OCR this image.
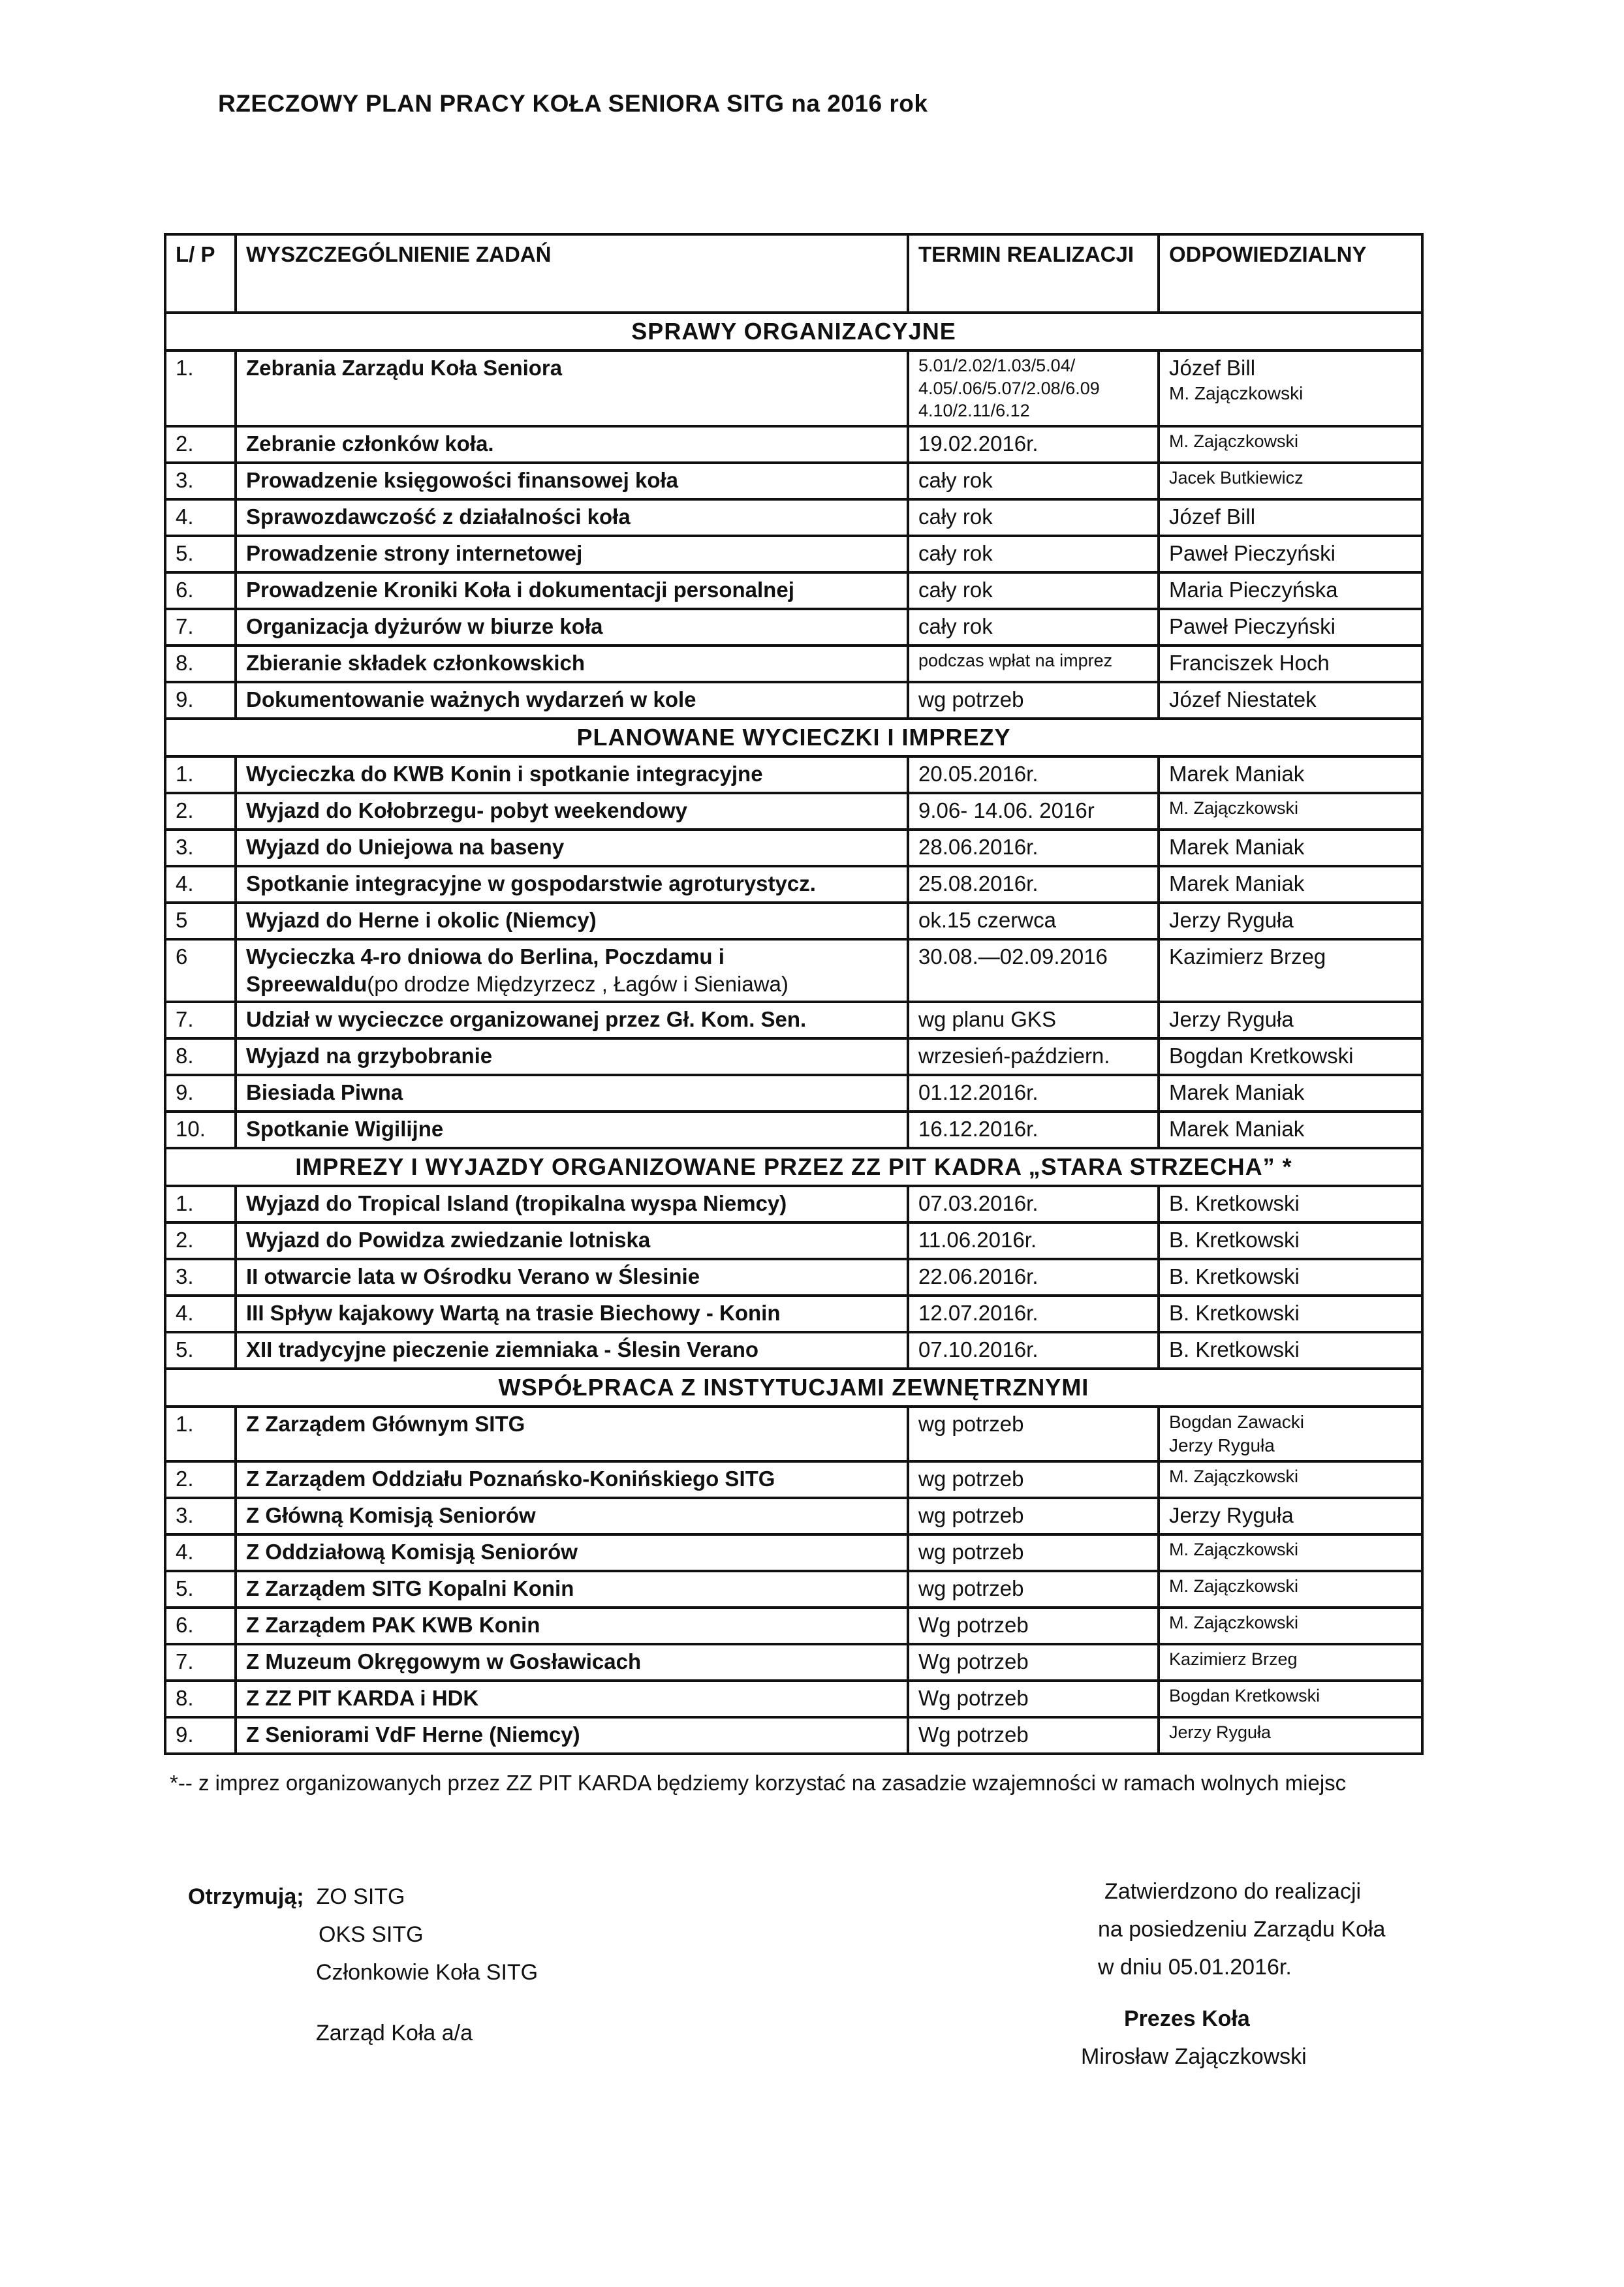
RZECZOWY PLAN PRACY KOŁA SENIORA SITG na 2016 rok
L/ P	WYSZCZEGÓLNIENIE ZADAŃ	TERMIN REALIZACJI	ODPOWIEDZIALNY
SPRAWY ORGANIZACYJNE			
1.	Zebrania Zarządu Koła Seniora	5.01/2.02/1.03/5.04/ 4.05/.06/5.07/2.08/6.09 4.10/2.11/6.12	Józef Bill
M. Zajączkowski

2.	Zebranie członków koła.	19.02.2016r.	M. Zajączkowski
3.	Prowadzenie księgowości finansowej koła	cały rok	Jacek Butkiewicz
4.	Sprawozdawczość z działalności koła	cały rok	Józef Bill
5.	Prowadzenie strony internetowej	cały rok	Paweł Pieczyński
6.	Prowadzenie Kroniki Koła i dokumentacji personalnej	cały rok	Maria Pieczyńska
7.	Organizacja dyżurów w biurze koła	cały rok	Paweł Pieczyński
8.	Zbieranie składek członkowskich	podczas wpłat na imprez	Franciszek Hoch
9.	Dokumentowanie ważnych wydarzeń w kole	wg potrzeb	Józef Niestatek
PLANOWANE WYCIECZKI I IMPREZY			
1.	Wycieczka do KWB Konin i spotkanie integracyjne	20.05.2016r.	Marek Maniak
2.	Wyjazd do Kołobrzegu- pobyt weekendowy	9.06- 14.06. 2016r	M. Zajączkowski
3.	Wyjazd do Uniejowa na baseny	28.06.2016r.	Marek Maniak
4.	Spotkanie integracyjne w gospodarstwie agroturystycz.	25.08.2016r.	Marek Maniak
5	Wyjazd do Herne i okolic (Niemcy)	ok.15 czerwca	Jerzy Ryguła
6	Wycieczka 4-ro dniowa do Berlina, Poczdamu i
Spreewaldu(po drodze Międzyrzecz , Łagów i Sieniawa)	30.08.—02.09.2016	Kazimierz Brzeg
7.	Udział w wycieczce organizowanej przez Gł. Kom. Sen.	wg planu GKS	Jerzy Ryguła
8.	Wyjazd na grzybobranie	wrzesień-październ.	Bogdan Kretkowski
9.	Biesiada Piwna	01.12.2016r.	Marek Maniak
10.	Spotkanie Wigilijne	16.12.2016r.	Marek Maniak
IMPREZY I WYJAZDY ORGANIZOWANE PRZEZ ZZ PIT KADRA „STARA STRZECHA” *			
1.	Wyjazd do Tropical Island (tropikalna wyspa Niemcy)	07.03.2016r.	B. Kretkowski
2.	Wyjazd do Powidza zwiedzanie lotniska	11.06.2016r.	B. Kretkowski
3.	II otwarcie lata w Ośrodku Verano w Ślesinie	22.06.2016r.	B. Kretkowski
4.	III Spływ kajakowy Wartą na trasie Biechowy - Konin	12.07.2016r.	B. Kretkowski
5.	XII tradycyjne pieczenie ziemniaka - Ślesin Verano	07.10.2016r.	B. Kretkowski
WSPÓŁPRACA Z INSTYTUCJAMI ZEWNĘTRZNYMI			
1.	Z Zarządem Głównym SITG	wg potrzeb	Bogdan Zawacki
Jerzy Ryguła

2.	Z Zarządem Oddziału Poznańsko-Konińskiego SITG	wg potrzeb	M. Zajączkowski
3.	Z Główną Komisją Seniorów	wg potrzeb	Jerzy Ryguła
4.	Z Oddziałową Komisją Seniorów	wg potrzeb	M. Zajączkowski
5.	Z Zarządem SITG Kopalni Konin	wg potrzeb	M. Zajączkowski
6.	Z Zarządem PAK KWB Konin	Wg potrzeb	M. Zajączkowski
7.	Z Muzeum Okręgowym w Gosławicach	Wg potrzeb	Kazimierz Brzeg
8.	Z ZZ PIT KARDA i HDK	Wg potrzeb	Bogdan Kretkowski
9.	Z Seniorami VdF Herne (Niemcy)	Wg potrzeb	Jerzy Ryguła
*-- z imprez organizowanych przez ZZ PIT KARDA będziemy korzystać na zasadzie wzajemności w ramach wolnych miejsc
Otrzymują; ZO SITG
OKS SITG
Członkowie Koła SITG
Zarząd Koła a/a
Zatwierdzono do realizacji
na posiedzeniu Zarządu Koła
w dniu 05.01.2016r.
Prezes Koła
Mirosław Zajączkowski
